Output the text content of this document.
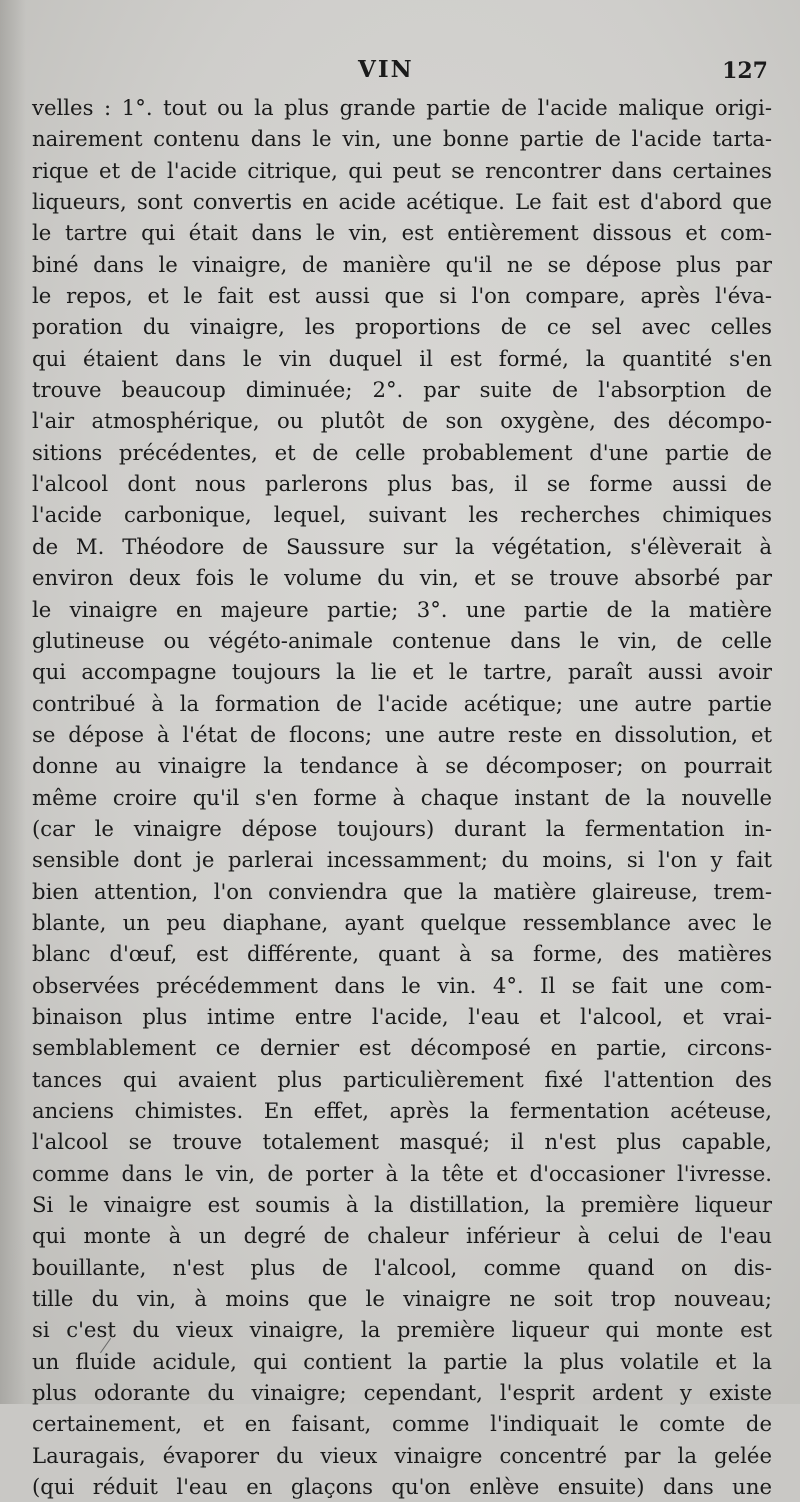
VIN	127
velles : 1°. tout ou la plus grande partie de l'acide malique origi-
nairement contenu dans le vin, une bonne partie de l'acide tarta-
rique et de l'acide citrique, qui peut se rencontrer dans certaines
liqueurs, sont convertis en acide acétique. Le fait est d'abord que
le tartre qui était dans le vin, est entièrement dissous et com-
biné dans le vinaigre, de manière qu'il ne se dépose plus par
le repos, et le fait est aussi que si l'on compare, après l'éva-
poration du vinaigre, les proportions de ce sel avec celles
qui étaient dans le vin duquel il est formé, la quantité s'en
trouve beaucoup diminuée; 2°. par suite de l'absorption de
l'air atmosphérique, ou plutôt de son oxygène, des décompo-
sitions précédentes, et de celle probablement d'une partie de
l'alcool dont nous parlerons plus bas, il se forme aussi de
l'acide carbonique, lequel, suivant les recherches chimiques
de M. Théodore de Saussure sur la végétation, s'élèverait à
environ deux fois le volume du vin, et se trouve absorbé par
le vinaigre en majeure partie; 3°. une partie de la matière
glutineuse ou végéto-animale contenue dans le vin, de celle
qui accompagne toujours la lie et le tartre, paraît aussi avoir
contribué à la formation de l'acide acétique; une autre partie
se dépose à l'état de flocons; une autre reste en dissolution, et
donne au vinaigre la tendance à se décomposer; on pourrait
même croire qu'il s'en forme à chaque instant de la nouvelle
(car le vinaigre dépose toujours) durant la fermentation in-
sensible dont je parlerai incessamment; du moins, si l'on y fait
bien attention, l'on conviendra que la matière glaireuse, trem-
blante, un peu diaphane, ayant quelque ressemblance avec le
blanc d'œuf, est différente, quant à sa forme, des matières
observées précédemment dans le vin. 4°. Il se fait une com-
binaison plus intime entre l'acide, l'eau et l'alcool, et vrai-
semblablement ce dernier est décomposé en partie, circons-
tances qui avaient plus particulièrement fixé l'attention des
anciens chimistes. En effet, après la fermentation acéteuse,
l'alcool se trouve totalement masqué; il n'est plus capable,
comme dans le vin, de porter à la tête et d'occasioner l'ivresse.
Si le vinaigre est soumis à la distillation, la première liqueur
qui monte à un degré de chaleur inférieur à celui de l'eau
bouillante, n'est plus de l'alcool, comme quand on dis-
tille du vin, à moins que le vinaigre ne soit trop nouveau;
si c'est du vieux vinaigre, la première liqueur qui monte est
un fluide acidule, qui contient la partie la plus volatile et la
plus odorante du vinaigre; cependant, l'esprit ardent y existe
certainement, et en faisant, comme l'indiquait le comte de
Lauragais, évaporer du vieux vinaigre concentré par la gelée
(qui réduit l'eau en glaçons qu'on enlève ensuite) dans une
